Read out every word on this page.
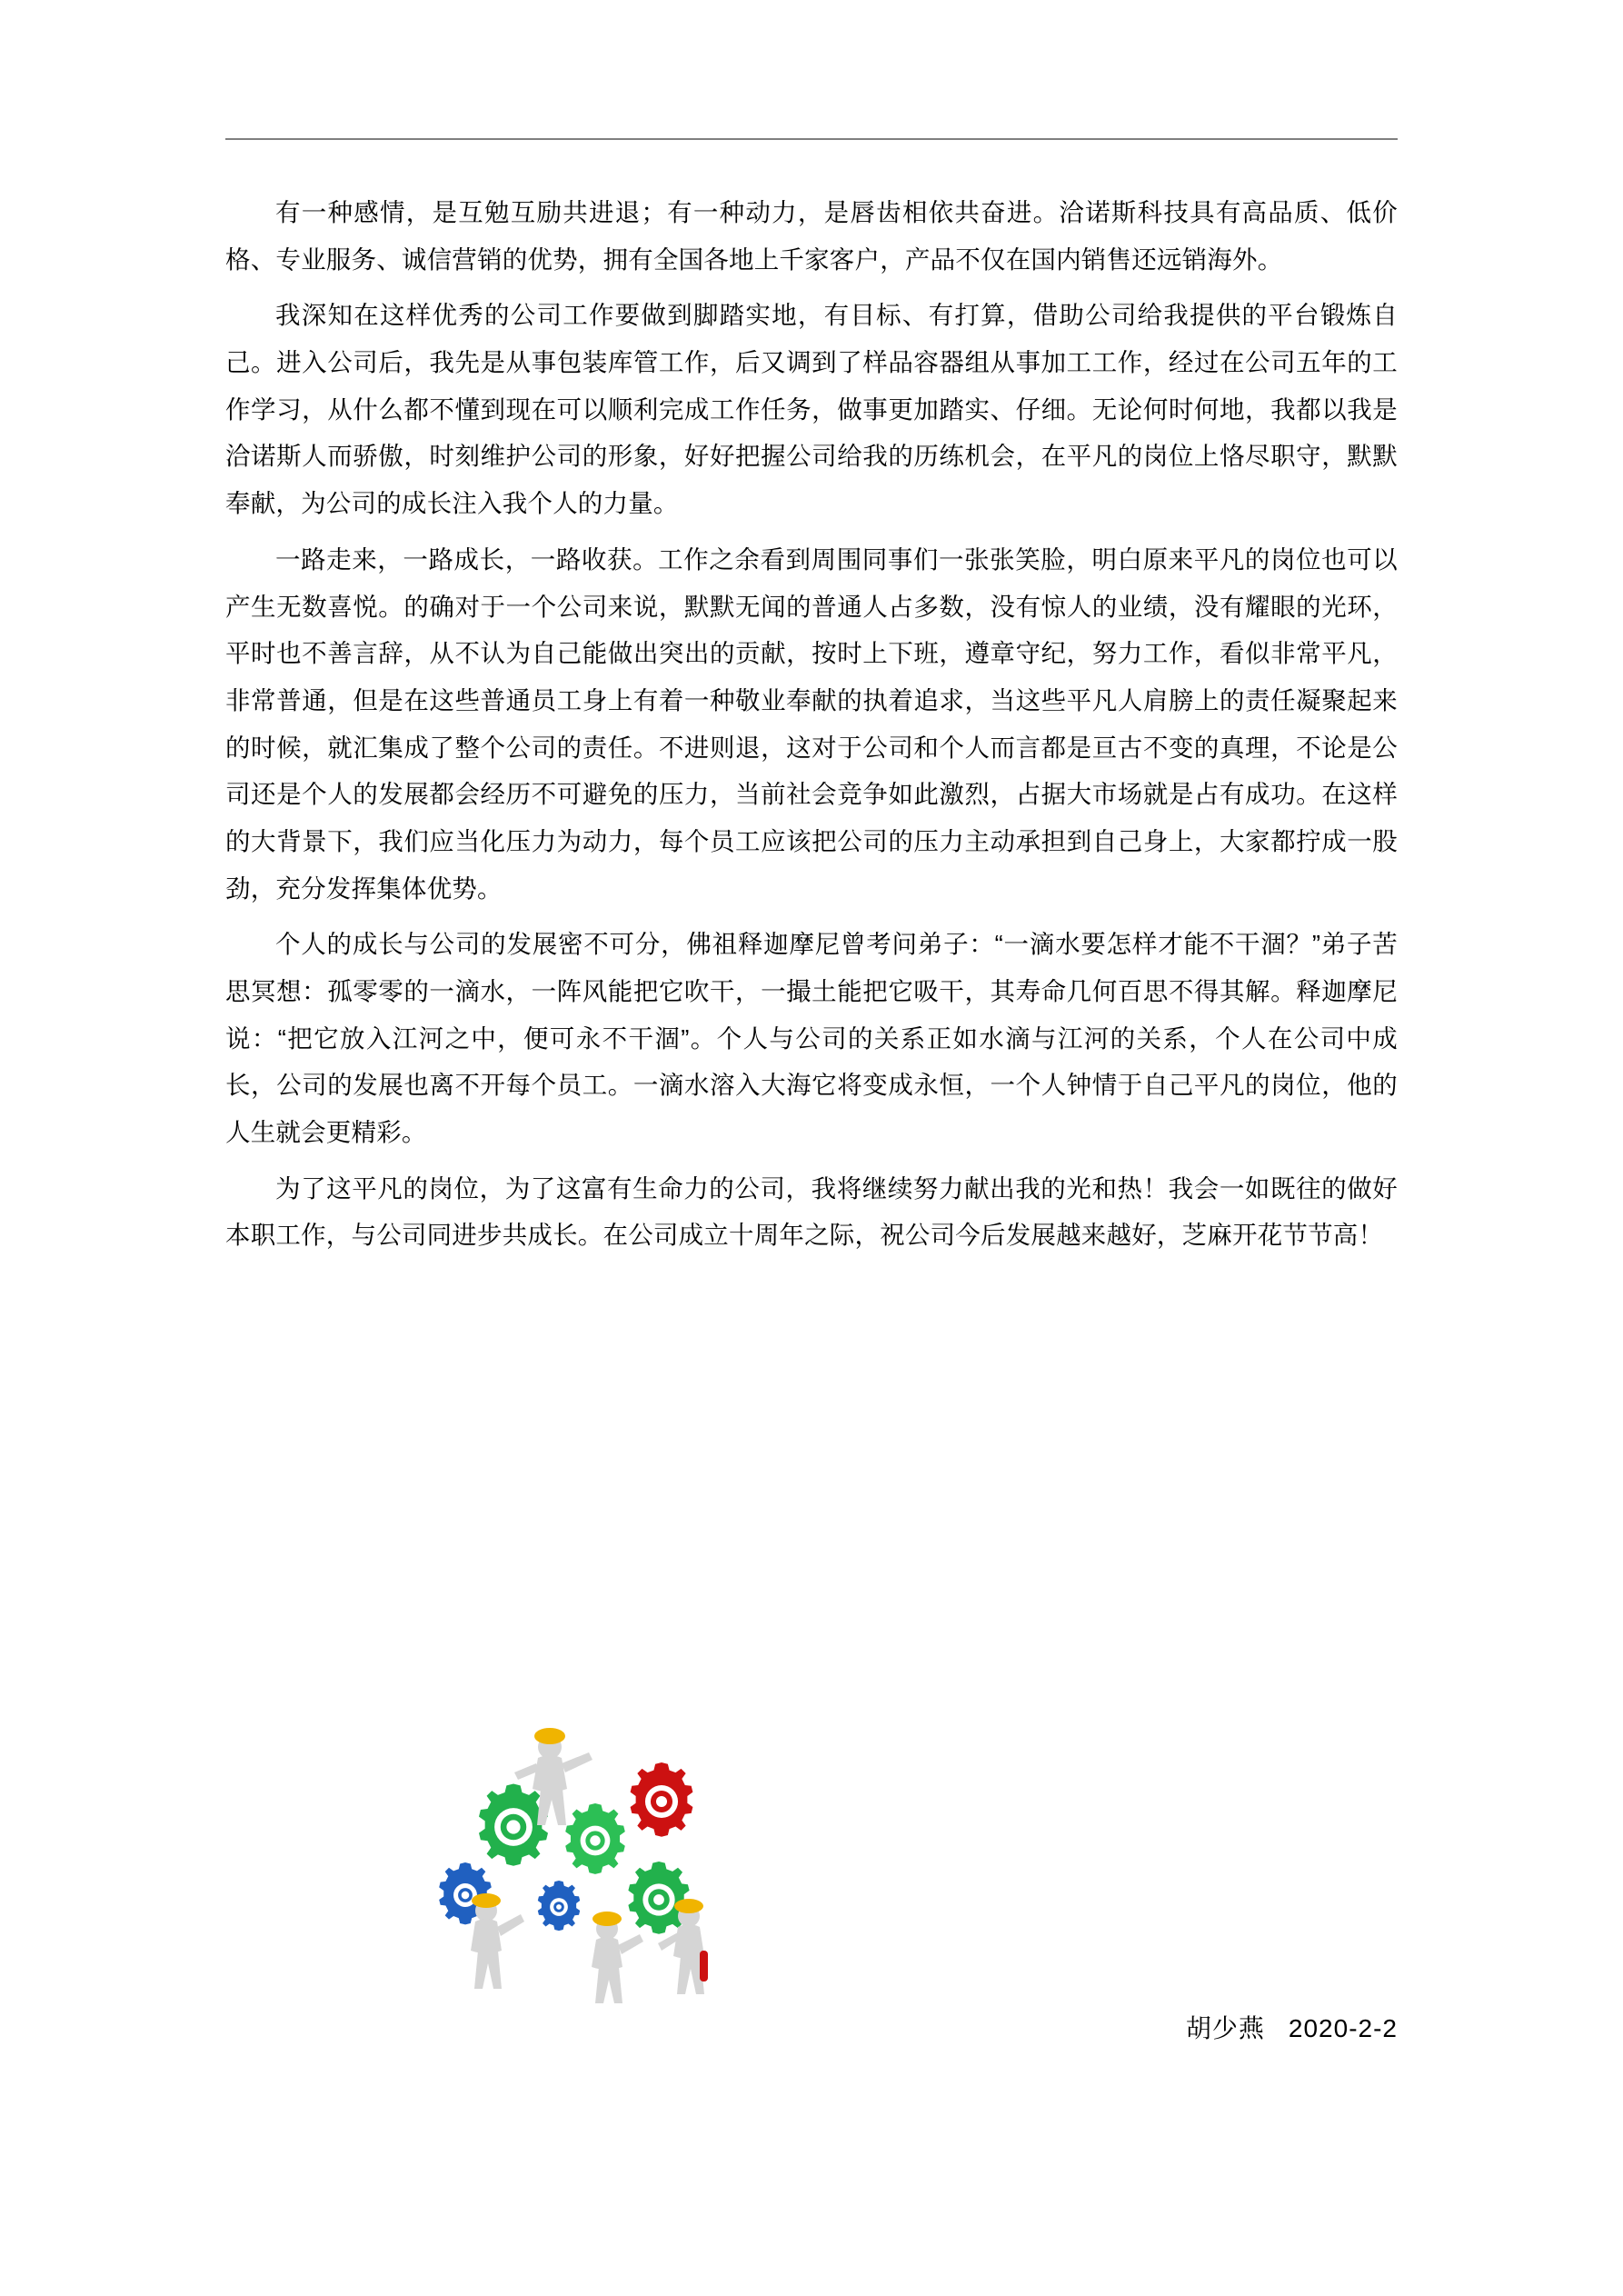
有一种感情，是互勉互励共进退；有一种动力，是唇齿相依共奋进。洽诺斯科技具有高品质、低价格、专业服务、诚信营销的优势，拥有全国各地上千家客户，产品不仅在国内销售还远销海外。

我深知在这样优秀的公司工作要做到脚踏实地，有目标、有打算，借助公司给我提供的平台锻炼自己。进入公司后，我先是从事包装库管工作，后又调到了样品容器组从事加工工作，经过在公司五年的工作学习，从什么都不懂到现在可以顺利完成工作任务，做事更加踏实、仔细。无论何时何地，我都以我是洽诺斯人而骄傲，时刻维护公司的形象，好好把握公司给我的历练机会，在平凡的岗位上恪尽职守，默默奉献，为公司的成长注入我个人的力量。

一路走来，一路成长，一路收获。工作之余看到周围同事们一张张笑脸，明白原来平凡的岗位也可以产生无数喜悦。的确对于一个公司来说，默默无闻的普通人占多数，没有惊人的业绩，没有耀眼的光环，平时也不善言辞，从不认为自己能做出突出的贡献，按时上下班，遵章守纪，努力工作，看似非常平凡，非常普通，但是在这些普通员工身上有着一种敬业奉献的执着追求，当这些平凡人肩膀上的责任凝聚起来的时候，就汇集成了整个公司的责任。不进则退，这对于公司和个人而言都是亘古不变的真理，不论是公司还是个人的发展都会经历不可避免的压力，当前社会竞争如此激烈，占据大市场就是占有成功。在这样的大背景下，我们应当化压力为动力，每个员工应该把公司的压力主动承担到自己身上，大家都拧成一股劲，充分发挥集体优势。

个人的成长与公司的发展密不可分，佛祖释迦摩尼曾考问弟子：“一滴水要怎样才能不干涸？”弟子苦思冥想：孤零零的一滴水，一阵风能把它吹干，一撮土能把它吸干，其寿命几何百思不得其解。释迦摩尼说：“把它放入江河之中，便可永不干涸”。个人与公司的关系正如水滴与江河的关系，个人在公司中成长，公司的发展也离不开每个员工。一滴水溶入大海它将变成永恒，一个人钟情于自己平凡的岗位，他的人生就会更精彩。

为了这平凡的岗位，为了这富有生命力的公司，我将继续努力献出我的光和热！我会一如既往的做好本职工作，与公司同进步共成长。在公司成立十周年之际，祝公司今后发展越来越好，芝麻开花节节高！

胡少燕 2020-2-2
